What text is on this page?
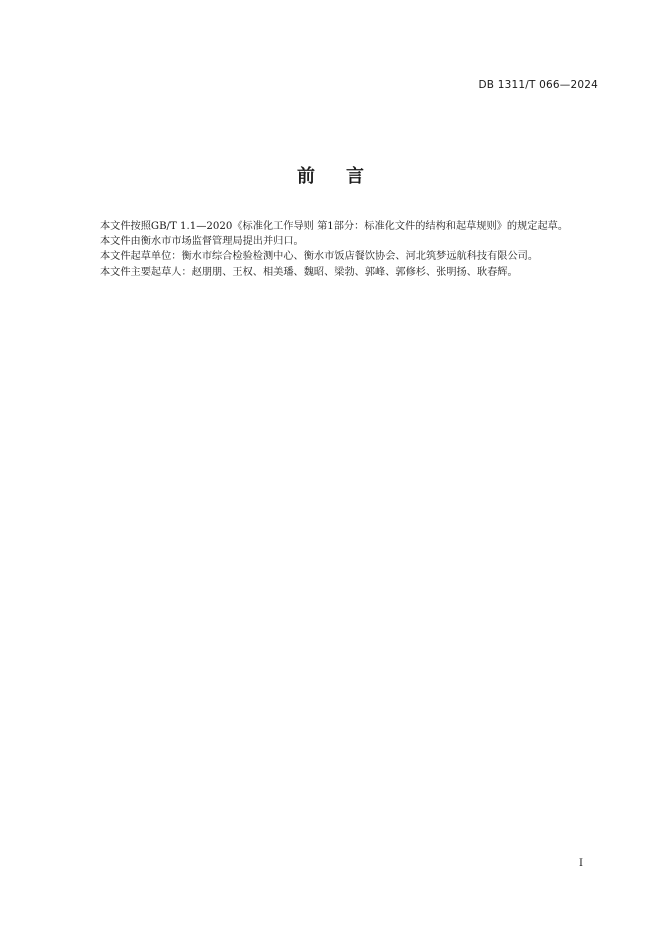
DB 1311/T 066—2024
前 言

本文件按照GB/T 1.1—2020《标准化工作导则 第1部分：标准化文件的结构和起草规则》的规定起草。

本文件由衡水市市场监督管理局提出并归口。

本文件起草单位：衡水市综合检验检测中心、衡水市饭店餐饮协会、河北筑梦远航科技有限公司。

本文件主要起草人：赵朋朋、王权、相美璠、魏昭、梁勃、郭峰、郭修杉、张明扬、耿春辉。

I
